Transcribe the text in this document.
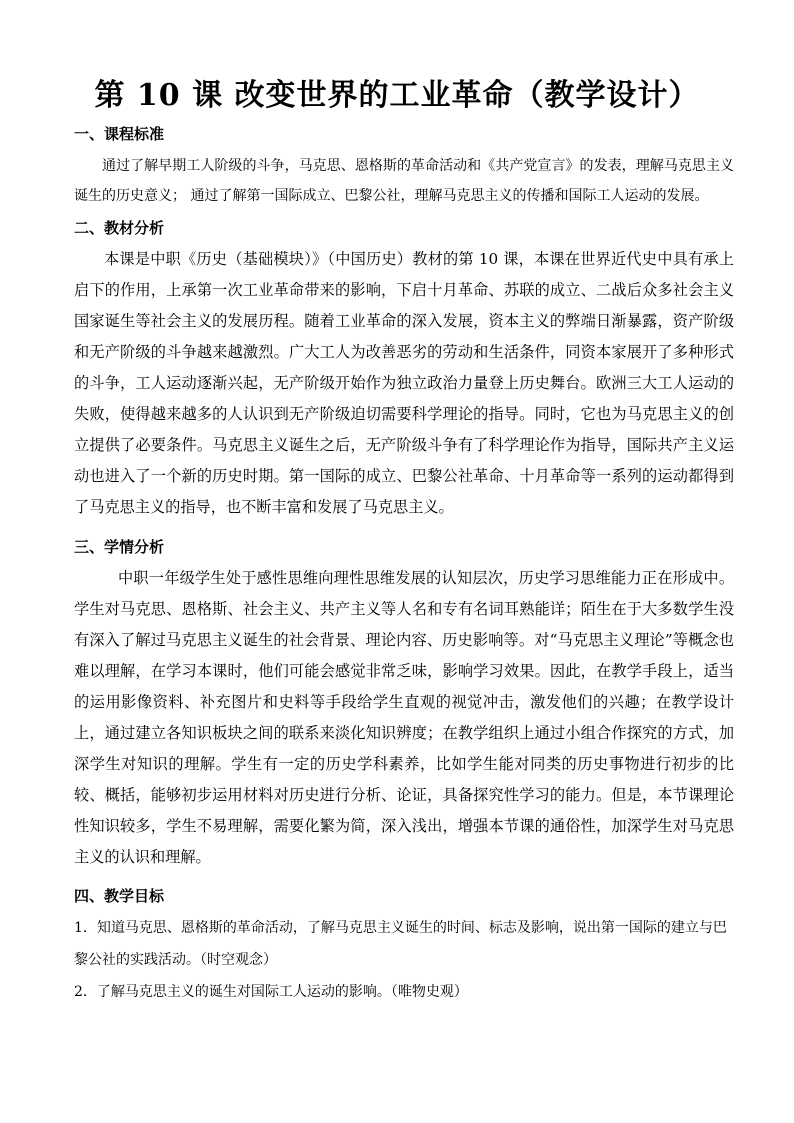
第 10 课 改变世界的工业革命（教学设计）
一、课程标准
通过了解早期工人阶级的斗争，马克思、恩格斯的革命活动和《共产党宣言》的发表，理解马克思主义诞生的历史意义； 通过了解第一国际成立、巴黎公社，理解马克思主义的传播和国际工人运动的发展。
二、教材分析
本课是中职《历史（基础模块）》（中国历史）教材的第 10 课，本课在世界近代史中具有承上启下的作用，上承第一次工业革命带来的影响，下启十月革命、苏联的成立、二战后众多社会主义国家诞生等社会主义的发展历程。随着工业革命的深入发展，资本主义的弊端日渐暴露，资产阶级和无产阶级的斗争越来越激烈。广大工人为改善恶劣的劳动和生活条件，同资本家展开了多种形式的斗争，工人运动逐渐兴起，无产阶级开始作为独立政治力量登上历史舞台。欧洲三大工人运动的失败，使得越来越多的人认识到无产阶级迫切需要科学理论的指导。同时，它也为马克思主义的创立提供了必要条件。马克思主义诞生之后，无产阶级斗争有了科学理论作为指导，国际共产主义运动也进入了一个新的历史时期。第一国际的成立、巴黎公社革命、十月革命等一系列的运动都得到了马克思主义的指导，也不断丰富和发展了马克思主义。
三、学情分析
中职一年级学生处于感性思维向理性思维发展的认知层次，历史学习思维能力正在形成中。学生对马克思、恩格斯、社会主义、共产主义等人名和专有名词耳熟能详；陌生在于大多数学生没有深入了解过马克思主义诞生的社会背景、理论内容、历史影响等。对“马克思主义理论”等概念也难以理解，在学习本课时，他们可能会感觉非常乏味，影响学习效果。因此，在教学手段上，适当的运用影像资料、补充图片和史料等手段给学生直观的视觉冲击，激发他们的兴趣；在教学设计上，通过建立各知识板块之间的联系来淡化知识辨度；在教学组织上通过小组合作探究的方式，加深学生对知识的理解。学生有一定的历史学科素养，比如学生能对同类的历史事物进行初步的比较、概括，能够初步运用材料对历史进行分析、论证，具备探究性学习的能力。但是，本节课理论性知识较多，学生不易理解，需要化繁为简，深入浅出，增强本节课的通俗性，加深学生对马克思主义的认识和理解。
四、教学目标
1．知道马克思、恩格斯的革命活动，了解马克思主义诞生的时间、标志及影响，说出第一国际的建立与巴黎公社的实践活动。（时空观念）
2．了解马克思主义的诞生对国际工人运动的影响。（唯物史观）
